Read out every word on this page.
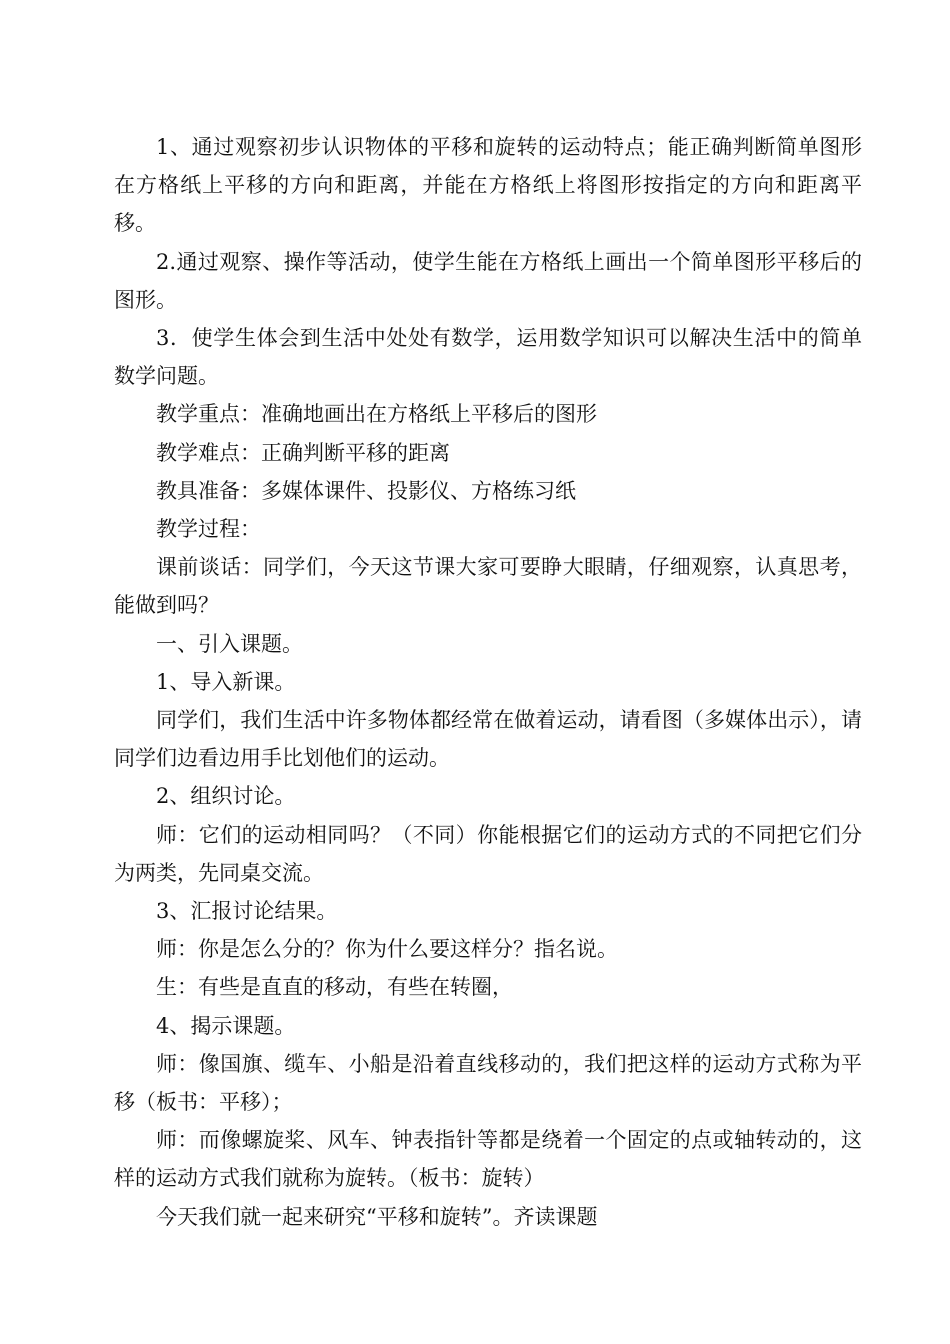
1、通过观察初步认识物体的平移和旋转的运动特点；能正确判断简单图形在方格纸上平移的方向和距离，并能在方格纸上将图形按指定的方向和距离平移。

2.通过观察、操作等活动，使学生能在方格纸上画出一个简单图形平移后的图形。

3．使学生体会到生活中处处有数学，运用数学知识可以解决生活中的简单数学问题。

教学重点：准确地画出在方格纸上平移后的图形

教学难点：正确判断平移的距离

教具准备：多媒体课件、投影仪、方格练习纸

教学过程：

课前谈话：同学们，今天这节课大家可要睁大眼睛，仔细观察，认真思考，能做到吗？

一、引入课题。

1、导入新课。

同学们，我们生活中许多物体都经常在做着运动，请看图（多媒体出示），请同学们边看边用手比划他们的运动。

2、组织讨论。

师：它们的运动相同吗？（不同）你能根据它们的运动方式的不同把它们分为两类，先同桌交流。

3、汇报讨论结果。

师：你是怎么分的？你为什么要这样分？指名说。

生：有些是直直的移动，有些在转圈，

4、揭示课题。

师：像国旗、缆车、小船是沿着直线移动的，我们把这样的运动方式称为平移（板书：平移）；

师：而像螺旋桨、风车、钟表指针等都是绕着一个固定的点或轴转动的，这样的运动方式我们就称为旋转。（板书：旋转）

今天我们就一起来研究“平移和旋转”。齐读课题
